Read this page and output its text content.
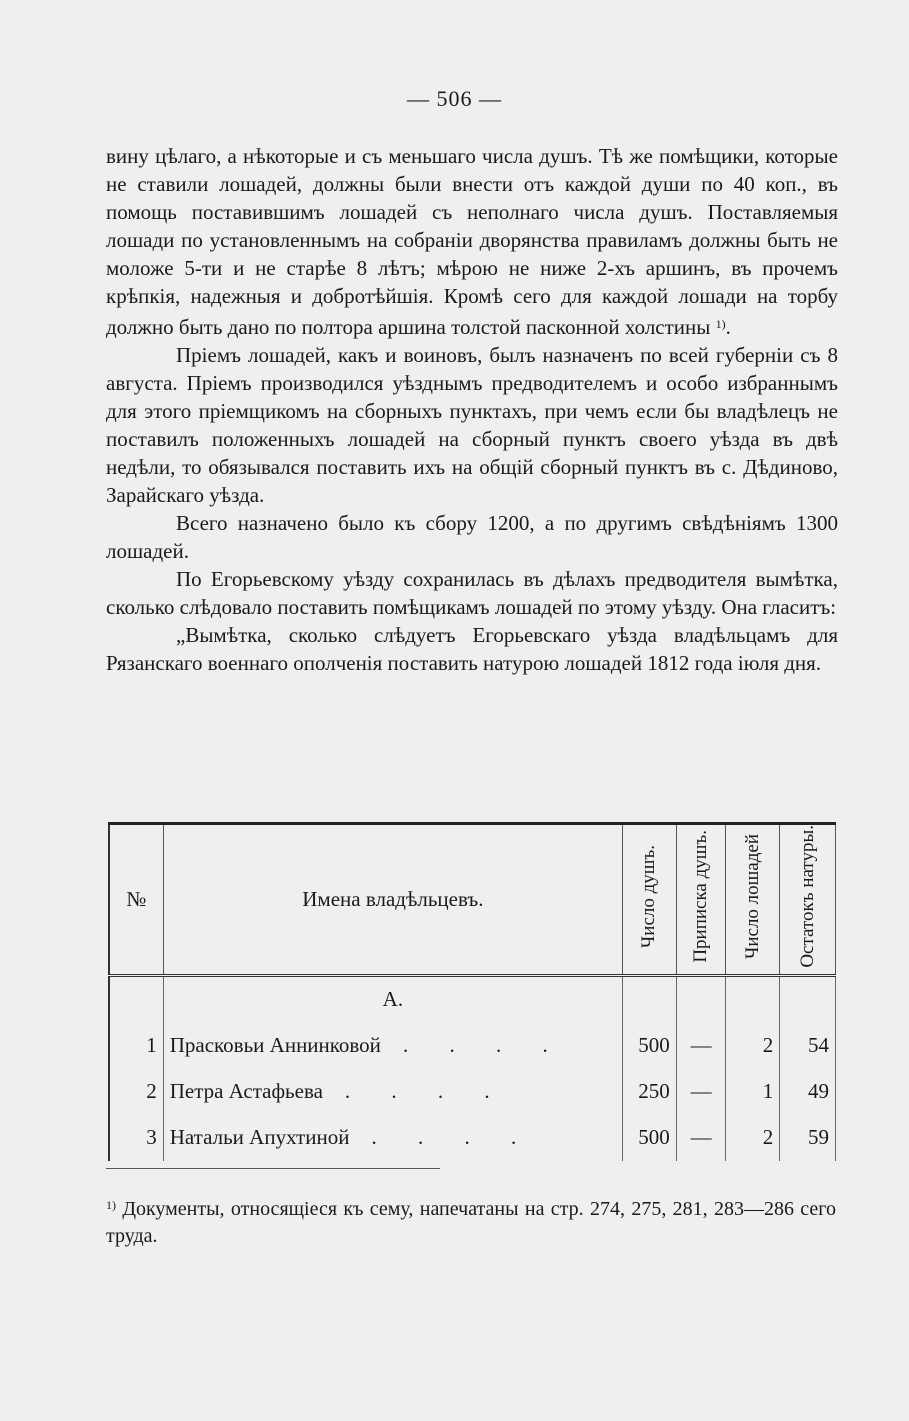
— 506 —

вину цѣлаго, а нѣкоторые и съ меньшаго числа душъ. Тѣ же помѣщики, которые не ставили лошадей, должны были внести отъ каждой души по 40 коп., въ помощь поставившимъ лошадей съ неполнаго числа душъ. Поставляемыя лошади по установленнымъ на собраніи дворянства правиламъ должны быть не моложе 5-ти и не старѣе 8 лѣтъ; мѣрою не ниже 2-хъ аршинъ, въ прочемъ крѣпкія, надежныя и добротѣйшія. Кромѣ сего для каждой лошади на торбу должно быть дано по полтора аршина толстой пасконной холстины $^{1)}$.

Пріемъ лошадей, какъ и воиновъ, былъ назначенъ по всей губерніи съ 8 августа. Пріемъ производился уѣзднымъ предводителемъ и особо избраннымъ для этого пріемщикомъ на сборныхъ пунктахъ, при чемъ если бы владѣлецъ не поставилъ положенныхъ лошадей на сборный пунктъ своего уѣзда въ двѣ недѣли, то обязывался поставить ихъ на общій сборный пунктъ въ с. Дѣдиново, Зарайскаго уѣзда.

Всего назначено было къ сбору 1200, а по другимъ свѣдѣніямъ 1300 лошадей.

По Егорьевскому уѣзду сохранилась въ дѣлахъ предводителя вымѣтка, сколько слѣдовало поставить помѣщикамъ лошадей по этому уѣзду. Она гласитъ:

„Вымѣтка, сколько слѣдуетъ Егорьевскаго уѣзда владѣльцамъ для Рязанскаго военнаго ополченія поставить натурою лошадей 1812 года іюля дня.

№	Имена владѣльцевъ.	Число душъ.	Приписка душъ.	Число лошадей	Остатокъ натуры.
	А.				
1	Прасковьи Аннинковой . . . .	500	—	2	54
2	Петра Астафьева . . . .	250	—	1	49
3	Натальи Апухтиной . . . .	500	—	2	59

$^{1)}$ Документы, относящіеся къ сему, напечатаны на стр. 274, 275, 281, 283—286 сего труда.
